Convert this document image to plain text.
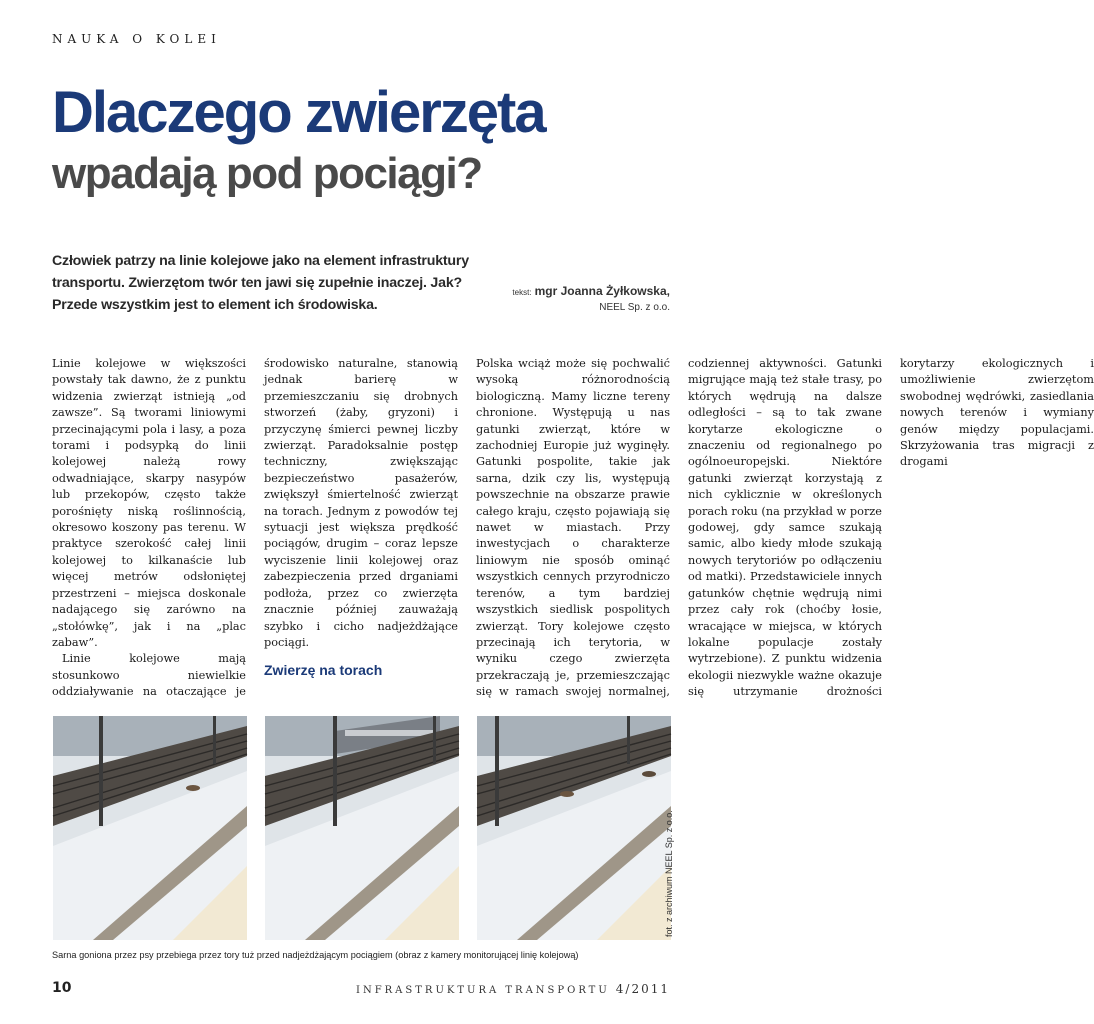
NAUKA O KOLEI
Dlaczego zwierzęta
wpadają pod pociągi?
Człowiek patrzy na linie kolejowe jako na element infrastruktury transportu. Zwierzętom twór ten jawi się zupełnie inaczej. Jak? Przede wszystkim jest to element ich środowiska.
tekst: mgr Joanna Żyłkowska,
NEEL Sp. z o.o.

Linie kolejowe w większości powstały tak dawno, że z punktu widzenia zwierząt istnieją „od zawsze”. Są tworami liniowymi przecinającymi pola i lasy, a poza torami i podsypką do linii kolejowej należą rowy odwadniające, skarpy nasypów lub przekopów, często także porośnięty niską roślinnością, okresowo koszony pas terenu. W praktyce szerokość całej linii kolejowej to kilkanaście lub więcej metrów odsłoniętej przestrzeni – miejsca doskonale nadającego się zarówno na „stołówkę”, jak i na „plac zabaw”.

Linie kolejowe mają stosunkowo niewielkie oddziaływanie na otaczające je środowisko naturalne, stanowią jednak barierę w przemieszczaniu się drobnych stworzeń (żaby, gryzoni) i przyczynę śmierci pewnej liczby zwierząt. Paradoksalnie postęp techniczny, zwiększając bezpieczeństwo pasażerów, zwiększył śmiertelność zwierząt na torach. Jednym z powodów tej sytuacji jest większa prędkość pociągów, drugim – coraz lepsze wyciszenie linii kolejowej oraz zabezpieczenia przed drganiami podłoża, przez co zwierzęta znacznie później zauważają szybko i cicho nadjeżdżające pociągi.

Zwierzę na torach

Polska wciąż może się pochwalić wysoką różnorodnością biologiczną. Mamy liczne tereny chronione. Występują u nas gatunki zwierząt, które w zachodniej Europie już wyginęły. Gatunki pospolite, takie jak sarna, dzik czy lis, występują powszechnie na obszarze prawie całego kraju, często pojawiają się nawet w miastach. Przy inwestycjach o charakterze liniowym nie sposób ominąć wszystkich cennych przyrodniczo terenów, a tym bardziej wszystkich siedlisk pospolitych zwierząt. Tory kolejowe często przecinają ich terytoria, w wyniku czego zwierzęta przekraczają je, przemieszczając się w ramach swojej normalnej, codziennej aktywności. Gatunki migrujące mają też stałe trasy, po których wędrują na dalsze odległości – są to tak zwane korytarze ekologiczne o znaczeniu od regionalnego po ogólnoeuropejski. Niektóre gatunki zwierząt korzystają z nich cyklicznie w określonych porach roku (na przykład w porze godowej, gdy samce szukają samic, albo kiedy młode szukają nowych terytoriów po odłączeniu od matki). Przedstawiciele innych gatunków chętnie wędrują nimi przez cały rok (choćby łosie, wracające w miejsca, w których lokalne populacje zostały wytrzebione). Z punktu widzenia ekologii niezwykle ważne okazuje się utrzymanie drożności korytarzy ekologicznych i umożliwienie zwierzętom swobodnej wędrówki, zasiedlania nowych terenów i wymiany genów między populacjami. Skrzyżowania tras migracji z drogami

fot. z archiwum NEEL Sp. z o.o.
Sarna goniona przez psy przebiega przez tory tuż przed nadjeżdżającym pociągiem (obraz z kamery monitorującej linię kolejową)
10	INFRASTRUKTURA TRANSPORTU 4/2011
